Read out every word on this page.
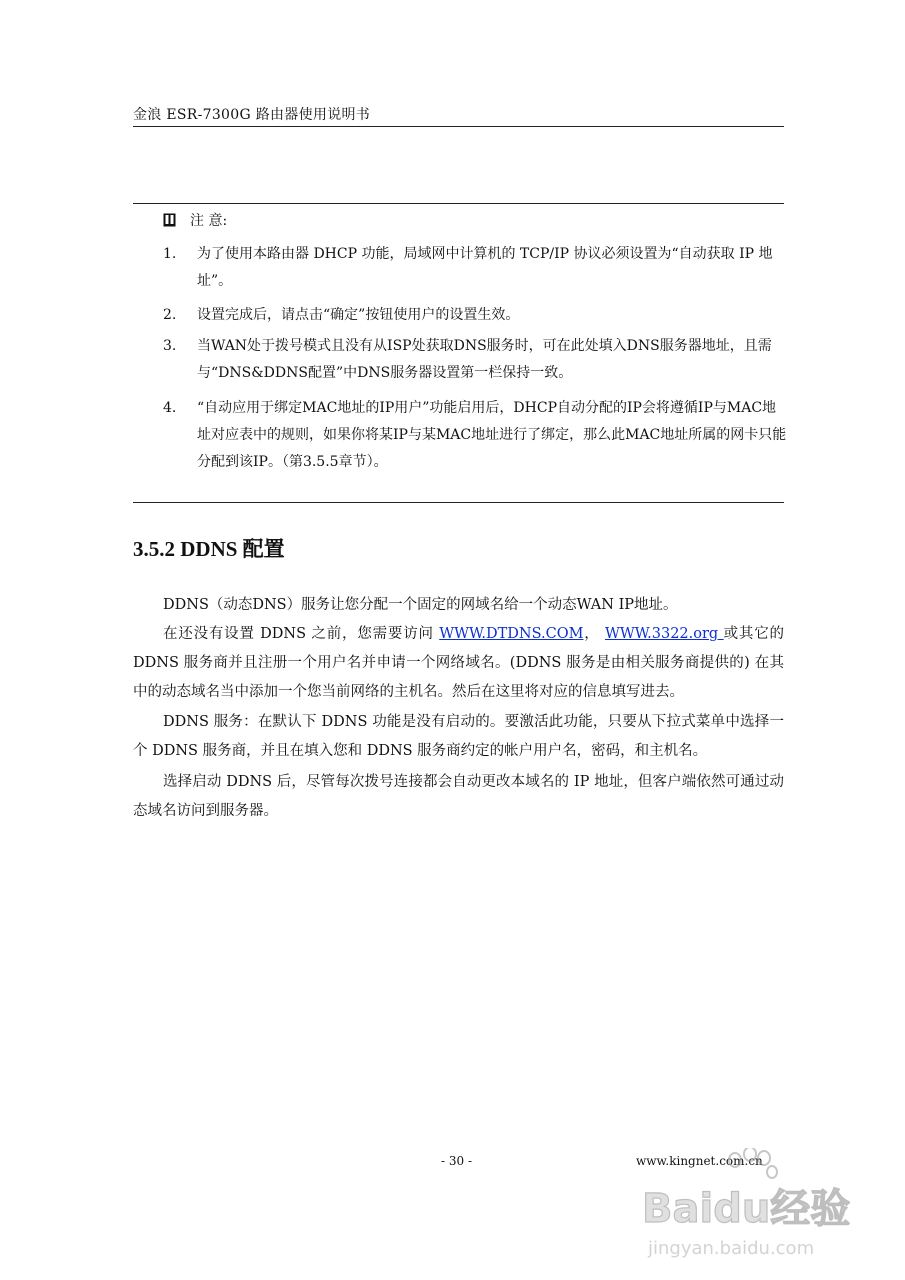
金浪 ESR-7300G 路由器使用说明书
注 意:
1. 为了使用本路由器 DHCP 功能，局域网中计算机的 TCP/IP 协议必须设置为“自动获取 IP 地址”。
2. 设置完成后，请点击“确定”按钮使用户的设置生效。
3. 当WAN处于拨号模式且没有从ISP处获取DNS服务时，可在此处填入DNS服务器地址，且需与“DNS&DDNS配置”中DNS服务器设置第一栏保持一致。
4. “自动应用于绑定MAC地址的IP用户”功能启用后，DHCP自动分配的IP会将遵循IP与MAC地址对应表中的规则，如果你将某IP与某MAC地址进行了绑定，那么此MAC地址所属的网卡只能分配到该IP。（第3.5.5章节）。
3.5.2 DDNS 配置
DDNS（动态DNS）服务让您分配一个固定的网域名给一个动态WAN IP地址。
在还没有设置 DDNS 之前，您需要访问 WWW.DTDNS.COM， WWW.3322.org 或其它的 DDNS 服务商并且注册一个用户名并申请一个网络域名。(DDNS 服务是由相关服务商提供的) 在其中的动态域名当中添加一个您当前网络的主机名。然后在这里将对应的信息填写进去。
DDNS 服务：在默认下 DDNS 功能是没有启动的。要激活此功能，只要从下拉式菜单中选择一个 DDNS 服务商，并且在填入您和 DDNS 服务商约定的帐户用户名，密码，和主机名。
选择启动 DDNS 后，尽管每次拨号连接都会自动更改本域名的 IP 地址，但客户端依然可通过动态域名访问到服务器。
- 30 -	www.kingnet.com.cn
Baidu经验
jingyan.baidu.com
